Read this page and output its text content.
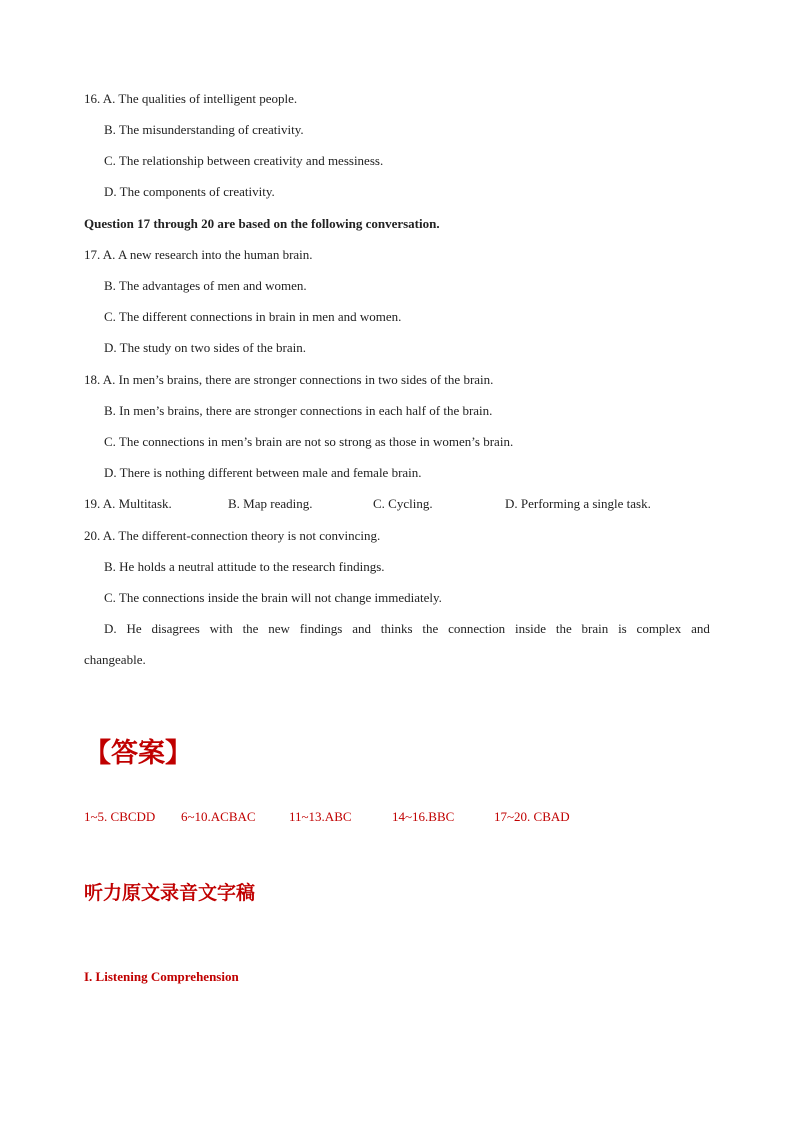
16. A. The qualities of intelligent people.
B. The misunderstanding of creativity.
C. The relationship between creativity and messiness.
D. The components of creativity.
Question 17 through 20 are based on the following conversation.
17. A. A new research into the human brain.
B. The advantages of men and women.
C. The different connections in brain in men and women.
D. The study on two sides of the brain.
18. A. In men’s brains, there are stronger connections in two sides of the brain.
B. In men’s brains, there are stronger connections in each half of the brain.
C. The connections in men’s brain are not so strong as those in women’s brain.
D. There is nothing different between male and female brain.
19. A. Multitask.	B. Map reading.	C. Cycling.	D. Performing a single task.
20. A. The different-connection theory is not convincing.
B. He holds a neutral attitude to the research findings.
C. The connections inside the brain will not change immediately.
D. He disagrees with the new findings and thinks the connection inside the brain is complex and
changeable.
【答案】
1~5. CBCDD 6~10.ACBAC	11~13.ABC	14~16.BBC	17~20. CBAD
听力原文录音文字稿
I. Listening Comprehension
